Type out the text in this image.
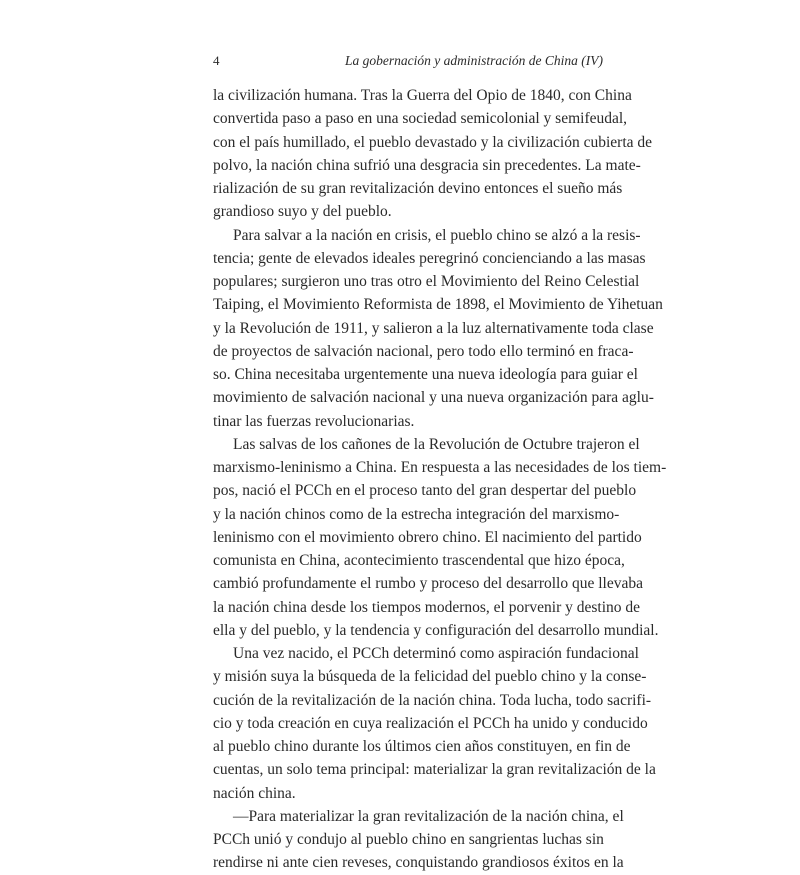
4	La gobernación y administración de China (IV)
la civilización humana. Tras la Guerra del Opio de 1840, con China
convertida paso a paso en una sociedad semicolonial y semifeudal,
con el país humillado, el pueblo devastado y la civilización cubierta de
polvo, la nación china sufrió una desgracia sin precedentes. La mate-
rialización de su gran revitalización devino entonces el sueño más
grandioso suyo y del pueblo.
Para salvar a la nación en crisis, el pueblo chino se alzó a la resis-
tencia; gente de elevados ideales peregrinó concienciando a las masas
populares; surgieron uno tras otro el Movimiento del Reino Celestial
Taiping, el Movimiento Reformista de 1898, el Movimiento de Yihetuan
y la Revolución de 1911, y salieron a la luz alternativamente toda clase
de proyectos de salvación nacional, pero todo ello terminó en fraca-
so. China necesitaba urgentemente una nueva ideología para guiar el
movimiento de salvación nacional y una nueva organización para aglu-
tinar las fuerzas revolucionarias.
Las salvas de los cañones de la Revolución de Octubre trajeron el
marxismo-leninismo a China. En respuesta a las necesidades de los tiem-
pos, nació el PCCh en el proceso tanto del gran despertar del pueblo
y la nación chinos como de la estrecha integración del marxismo-
leninismo con el movimiento obrero chino. El nacimiento del partido
comunista en China, acontecimiento trascendental que hizo época,
cambió profundamente el rumbo y proceso del desarrollo que llevaba
la nación china desde los tiempos modernos, el porvenir y destino de
ella y del pueblo, y la tendencia y configuración del desarrollo mundial.
Una vez nacido, el PCCh determinó como aspiración fundacional
y misión suya la búsqueda de la felicidad del pueblo chino y la conse-
cución de la revitalización de la nación china. Toda lucha, todo sacrifi-
cio y toda creación en cuya realización el PCCh ha unido y conducido
al pueblo chino durante los últimos cien años constituyen, en fin de
cuentas, un solo tema principal: materializar la gran revitalización de la
nación china.
—Para materializar la gran revitalización de la nación china, el
PCCh unió y condujo al pueblo chino en sangrientas luchas sin
rendirse ni ante cien reveses, conquistando grandiosos éxitos en la
